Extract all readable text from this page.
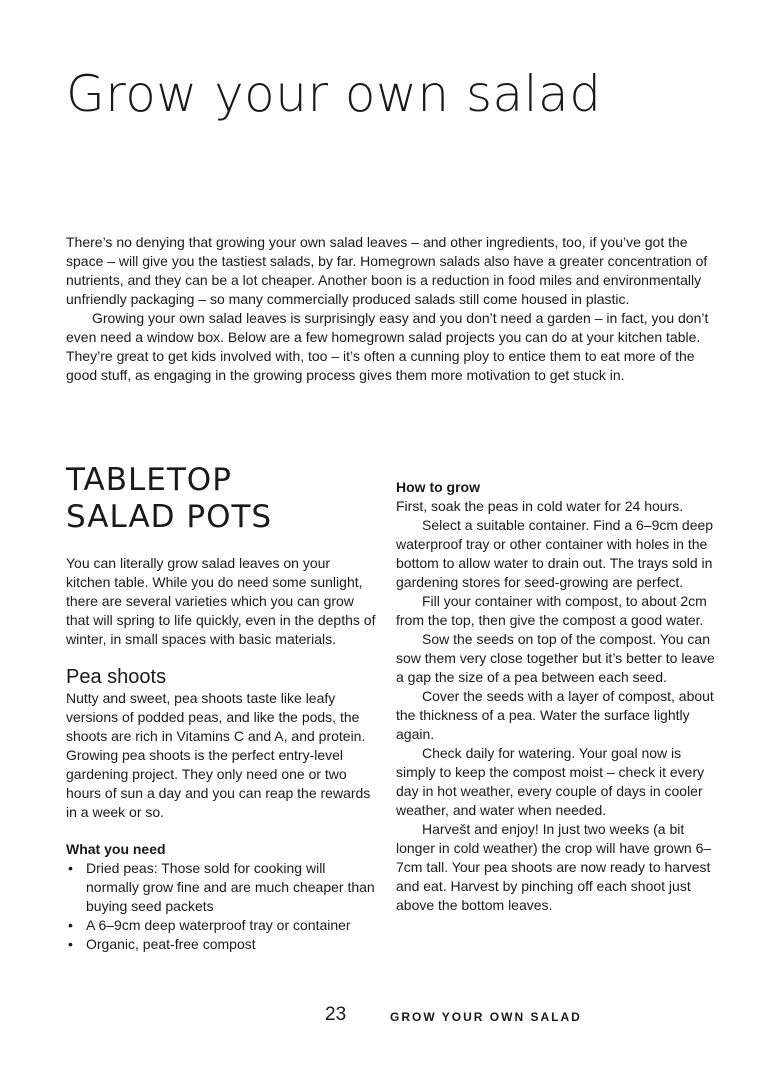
Grow your own salad

There’s no denying that growing your own salad leaves – and other ingredients, too, if you’ve got the space – will give you the tastiest salads, by far. Homegrown salads also have a greater concentration of nutrients, and they can be a lot cheaper. Another boon is a reduction in food miles and environmentally unfriendly packaging – so many commercially produced salads still come housed in plastic.

Growing your own salad leaves is surprisingly easy and you don’t need a garden – in fact, you don’t even need a window box. Below are a few homegrown salad projects you can do at your kitchen table. They’re great to get kids involved with, too – it’s often a cunning ploy to entice them to eat more of the good stuff, as engaging in the growing process gives them more motivation to get stuck in.

TABLETOP
SALAD POTS

You can literally grow salad leaves on your kitchen table. While you do need some sunlight, there are several varieties which you can grow that will spring to life quickly, even in the depths of winter, in small spaces with basic materials.

Pea shoots

Nutty and sweet, pea shoots taste like leafy versions of podded peas, and like the pods, the shoots are rich in Vitamins C and A, and protein. Growing pea shoots is the perfect entry-level gardening project. They only need one or two hours of sun a day and you can reap the rewards in a week or so.

What you need

• Dried peas: Those sold for cooking will normally grow fine and are much cheaper than buying seed packets
• A 6–9cm deep waterproof tray or container
• Organic, peat-free compost

How to grow

First, soak the peas in cold water for 24 hours.

Select a suitable container. Find a 6–9cm deep waterproof tray or other container with holes in the bottom to allow water to drain out. The trays sold in gardening stores for seed-growing are perfect.

Fill your container with compost, to about 2cm from the top, then give the compost a good water.

Sow the seeds on top of the compost. You can sow them very close together but it’s better to leave a gap the size of a pea between each seed.

Cover the seeds with a layer of compost, about the thickness of a pea. Water the surface lightly again.

Check daily for watering. Your goal now is simply to keep the compost moist – check it every day in hot weather, every couple of days in cooler weather, and water when needed.

Harvešt and enjoy! In just two weeks (a bit longer in cold weather) the crop will have grown 6–7cm tall. Your pea shoots are now ready to harvest and eat. Harvest by pinching off each shoot just above the bottom leaves.

23	GROW YOUR OWN SALAD
